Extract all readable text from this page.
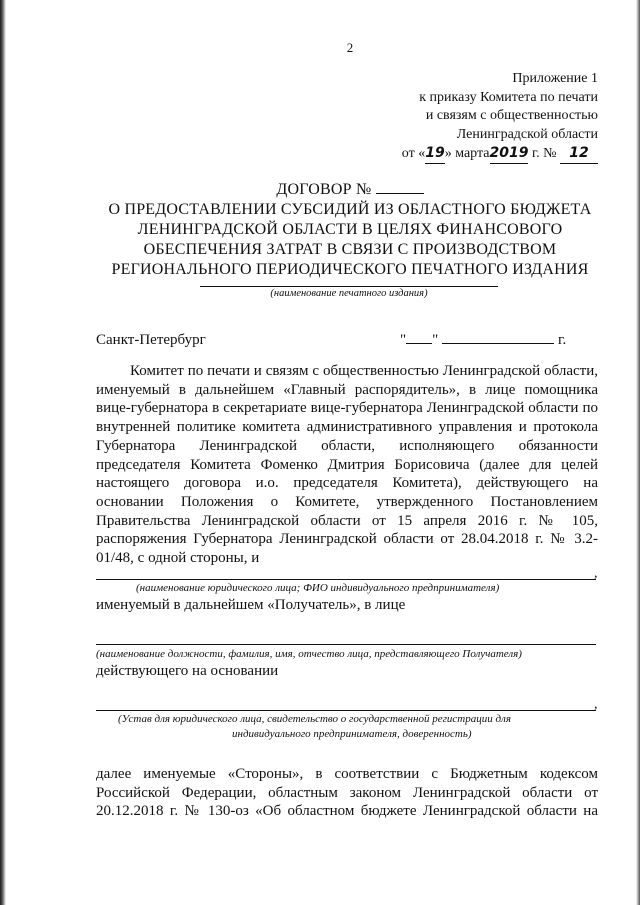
2
Приложение 1
к приказу Комитета по печати
и связям с общественностью
Ленинградской области
от «19» марта2019 г. № 12
ДОГОВОР №
О ПРЕДОСТАВЛЕНИИ СУБСИДИЙ ИЗ ОБЛАСТНОГО БЮДЖЕТА
ЛЕНИНГРАДСКОЙ ОБЛАСТИ В ЦЕЛЯХ ФИНАНСОВОГО
ОБЕСПЕЧЕНИЯ ЗАТРАТ В СВЯЗИ С ПРОИЗВОДСТВОМ
РЕГИОНАЛЬНОГО ПЕРИОДИЧЕСКОГО ПЕЧАТНОГО ИЗДАНИЯ
(наименование печатного издания)
Санкт-Петербург	" "	г.

Комитет по печати и связям с общественностью Ленинградской области, именуемый в дальнейшем «Главный распорядитель», в лице помощника вице-губернатора в секретариате вице-губернатора Ленинградской области по внутренней политике комитета административного управления и протокола Губернатора Ленинградской области, исполняющего обязанности председателя Комитета Фоменко Дмитрия Борисовича (далее для целей настоящего договора и.о. председателя Комитета), действующего на основании Положения о Комитете, утвержденного Постановлением Правительства Ленинградской области от 15 апреля 2016 г. № 105, распоряжения Губернатора Ленинградской области от 28.04.2018 г. № 3.2-01/48, с одной стороны, и

,
(наименование юридического лица; ФИО индивидуального предпринимателя)
именуемый в дальнейшем «Получатель», в лице
(наименование должности, фамилия, имя, отчество лица, представляющего Получателя)
действующего на основании
,
(Устав для юридического лица, свидетельство о государственной регистрации для
индивидуального предпринимателя, доверенность)

далее именуемые «Стороны», в соответствии с Бюджетным кодексом Российской Федерации, областным законом Ленинградской области от 20.12.2018 г. № 130-оз «Об областном бюджете Ленинградской области на
